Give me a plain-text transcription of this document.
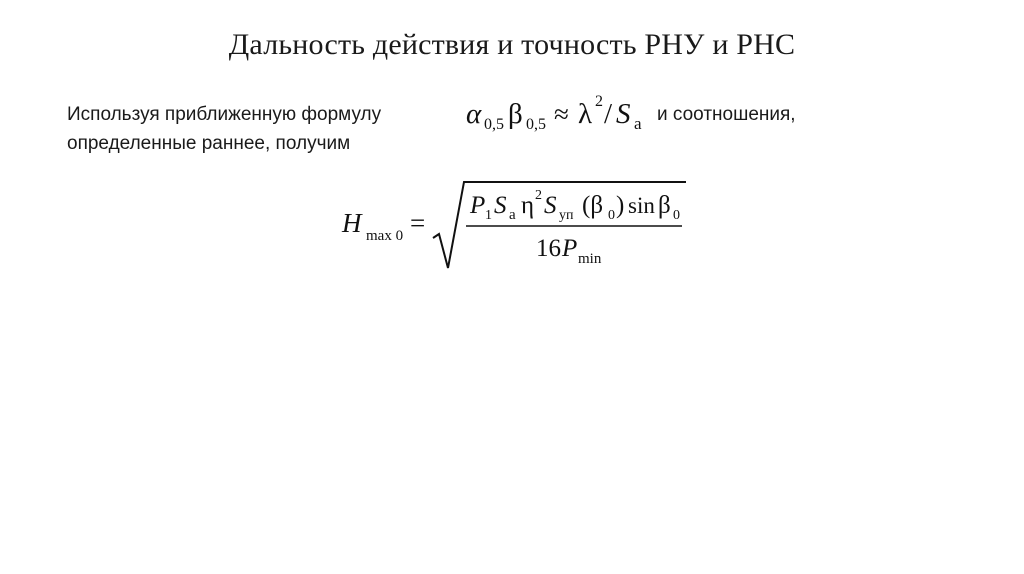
Дальность действия и точность РНУ и РНС
Используя приближенную формулу	α 0,5 β 0,5 ≈ λ 2 / S а и соотношения,
определенные раннее, получим
H max 0 =
P 1 S а η 2 S уп (β 0 ) sin β 0
16 P min
